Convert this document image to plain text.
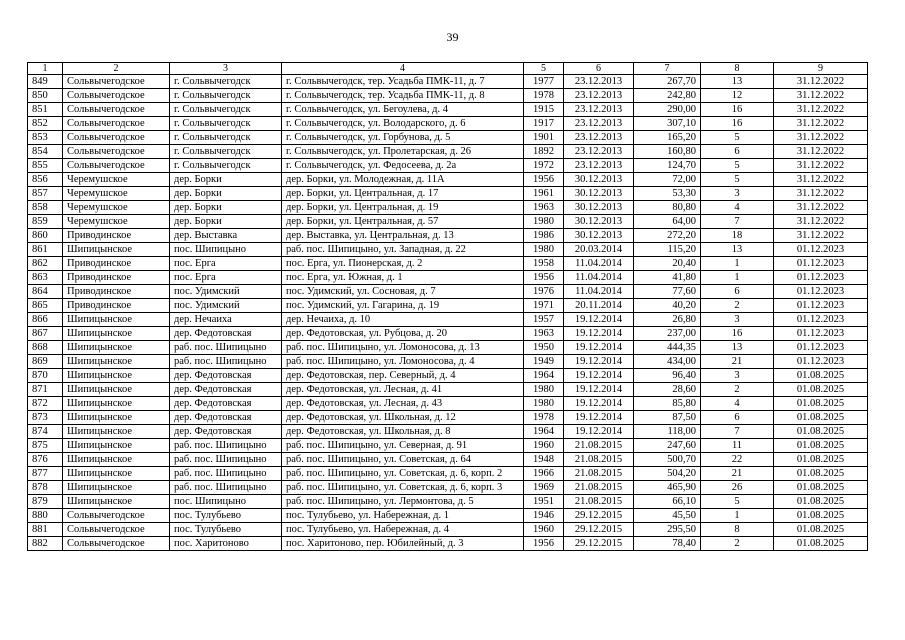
39
1	2	3	4	5	6	7	8	9
849	Сольвычегодское	г. Сольвычегодск	г. Сольвычегодск, тер. Усадьба ПМК-11, д. 7	1977	23.12.2013	267,70	13	31.12.2022
850	Сольвычегодское	г. Сольвычегодск	г. Сольвычегодск, тер. Усадьба ПМК-11, д. 8	1978	23.12.2013	242,80	12	31.12.2022
851	Сольвычегодское	г. Сольвычегодск	г. Сольвычегодск, ул. Бегоулева, д. 4	1915	23.12.2013	290,00	16	31.12.2022
852	Сольвычегодское	г. Сольвычегодск	г. Сольвычегодск, ул. Володарского, д. 6	1917	23.12.2013	307,10	16	31.12.2022
853	Сольвычегодское	г. Сольвычегодск	г. Сольвычегодск, ул. Горбунова, д. 5	1901	23.12.2013	165,20	5	31.12.2022
854	Сольвычегодское	г. Сольвычегодск	г. Сольвычегодск, ул. Пролетарская, д. 26	1892	23.12.2013	160,80	6	31.12.2022
855	Сольвычегодское	г. Сольвычегодск	г. Сольвычегодск, ул. Федосеева, д. 2а	1972	23.12.2013	124,70	5	31.12.2022
856	Черемушское	дер. Борки	дер. Борки, ул. Молодежная, д. 11А	1956	30.12.2013	72,00	5	31.12.2022
857	Черемушское	дер. Борки	дер. Борки, ул. Центральная, д. 17	1961	30.12.2013	53,30	3	31.12.2022
858	Черемушское	дер. Борки	дер. Борки, ул. Центральная, д. 19	1963	30.12.2013	80,80	4	31.12.2022
859	Черемушское	дер. Борки	дер. Борки, ул. Центральная, д. 57	1980	30.12.2013	64,00	7	31.12.2022
860	Приводинское	дер. Выставка	дер. Выставка, ул. Центральная, д. 13	1986	30.12.2013	272,20	18	31.12.2022
861	Шипицынское	пос. Шипицыно	раб. пос. Шипицыно, ул. Западная, д. 22	1980	20.03.2014	115,20	13	01.12.2023
862	Приводинское	пос. Ерга	пос. Ерга, ул. Пионерская, д. 2	1958	11.04.2014	20,40	1	01.12.2023
863	Приводинское	пос. Ерга	пос. Ерга, ул. Южная, д. 1	1956	11.04.2014	41,80	1	01.12.2023
864	Приводинское	пос. Удимский	пос. Удимский, ул. Сосновая, д. 7	1976	11.04.2014	77,60	6	01.12.2023
865	Приводинское	пос. Удимский	пос. Удимский, ул. Гагарина, д. 19	1971	20.11.2014	40,20	2	01.12.2023
866	Шипицынское	дер. Нечаиха	дер. Нечаиха, д. 10	1957	19.12.2014	26,80	3	01.12.2023
867	Шипицынское	дер. Федотовская	дер. Федотовская, ул. Рубцова, д. 20	1963	19.12.2014	237,00	16	01.12.2023
868	Шипицынское	раб. пос. Шипицыно	раб. пос. Шипицыно, ул. Ломоносова, д. 13	1950	19.12.2014	444,35	13	01.12.2023
869	Шипицынское	раб. пос. Шипицыно	раб. пос. Шипицыно, ул. Ломоносова, д. 4	1949	19.12.2014	434,00	21	01.12.2023
870	Шипицынское	дер. Федотовская	дер. Федотовская, пер. Северный, д. 4	1964	19.12.2014	96,40	3	01.08.2025
871	Шипицынское	дер. Федотовская	дер. Федотовская, ул. Лесная, д. 41	1980	19.12.2014	28,60	2	01.08.2025
872	Шипицынское	дер. Федотовская	дер. Федотовская, ул. Лесная, д. 43	1980	19.12.2014	85,80	4	01.08.2025
873	Шипицынское	дер. Федотовская	дер. Федотовская, ул. Школьная, д. 12	1978	19.12.2014	87,50	6	01.08.2025
874	Шипицынское	дер. Федотовская	дер. Федотовская, ул. Школьная, д. 8	1964	19.12.2014	118,00	7	01.08.2025
875	Шипицынское	раб. пос. Шипицыно	раб. пос. Шипицыно, ул. Северная, д. 91	1960	21.08.2015	247,60	11	01.08.2025
876	Шипицынское	раб. пос. Шипицыно	раб. пос. Шипицыно, ул. Советская, д. 64	1948	21.08.2015	500,70	22	01.08.2025
877	Шипицынское	раб. пос. Шипицыно	раб. пос. Шипицыно, ул. Советская, д. 6, корп. 2	1966	21.08.2015	504,20	21	01.08.2025
878	Шипицынское	раб. пос. Шипицыно	раб. пос. Шипицыно, ул. Советская, д. 6, корп. 3	1969	21.08.2015	465,90	26	01.08.2025
879	Шипицынское	пос. Шипицыно	раб. пос. Шипицыно, ул. Лермонтова, д. 5	1951	21.08.2015	66,10	5	01.08.2025
880	Сольвычегодское	пос. Тулубьево	пос. Тулубьево, ул. Набережная, д. 1	1946	29.12.2015	45,50	1	01.08.2025
881	Сольвычегодское	пос. Тулубьево	пос. Тулубьево, ул. Набережная, д. 4	1960	29.12.2015	295,50	8	01.08.2025
882	Сольвычегодское	пос. Харитоново	пос. Харитоново, пер. Юбилейный, д. 3	1956	29.12.2015	78,40	2	01.08.2025
